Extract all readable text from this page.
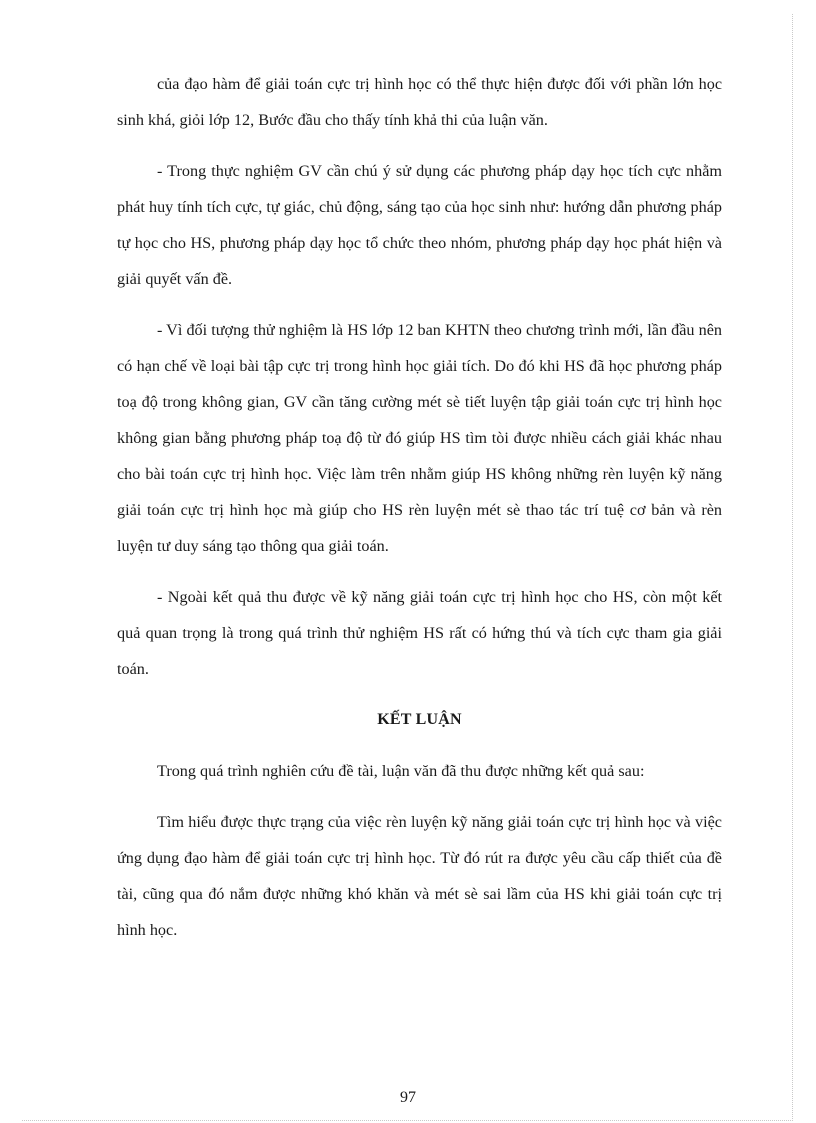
của đạo hàm để giải toán cực trị hình học có thể thực hiện được đối với phần lớn học sinh khá, giỏi lớp 12, Bước đầu cho thấy tính khả thi của luận văn.

- Trong thực nghiệm GV cần chú ý sử dụng các phương pháp dạy học tích cực nhằm phát huy tính tích cực, tự giác, chủ động, sáng tạo của học sinh như: hướng dẫn phương pháp tự học cho HS, phương pháp dạy học tổ chức theo nhóm, phương pháp dạy học phát hiện và giải quyết vấn đề.

- Vì đối tượng thử nghiệm là HS lớp 12 ban KHTN theo chương trình mới, lần đầu nên có hạn chế về loại bài tập cực trị trong hình học giải tích. Do đó khi HS đã học phương pháp toạ độ trong không gian, GV cần tăng cường mét sè tiết luyện tập giải toán cực trị hình học không gian bằng phương pháp toạ độ từ đó giúp HS tìm tòi được nhiều cách giải khác nhau cho bài toán cực trị hình học. Việc làm trên nhằm giúp HS không những rèn luyện kỹ năng giải toán cực trị hình học mà giúp cho HS rèn luyện mét sè thao tác trí tuệ cơ bản và rèn luyện tư duy sáng tạo thông qua giải toán.

- Ngoài kết quả thu được về kỹ năng giải toán cực trị hình học cho HS, còn một kết quả quan trọng là trong quá trình thử nghiệm HS rất có hứng thú và tích cực tham gia giải toán.

KẾT LUẬN

Trong quá trình nghiên cứu đề tài, luận văn đã thu được những kết quả sau:

Tìm hiểu được thực trạng của việc rèn luyện kỹ năng giải toán cực trị hình học và việc ứng dụng đạo hàm để giải toán cực trị hình học. Từ đó rút ra được yêu cầu cấp thiết của đề tài, cũng qua đó nắm được những khó khăn và mét sè sai lầm của HS khi giải toán cực trị hình học.

97
